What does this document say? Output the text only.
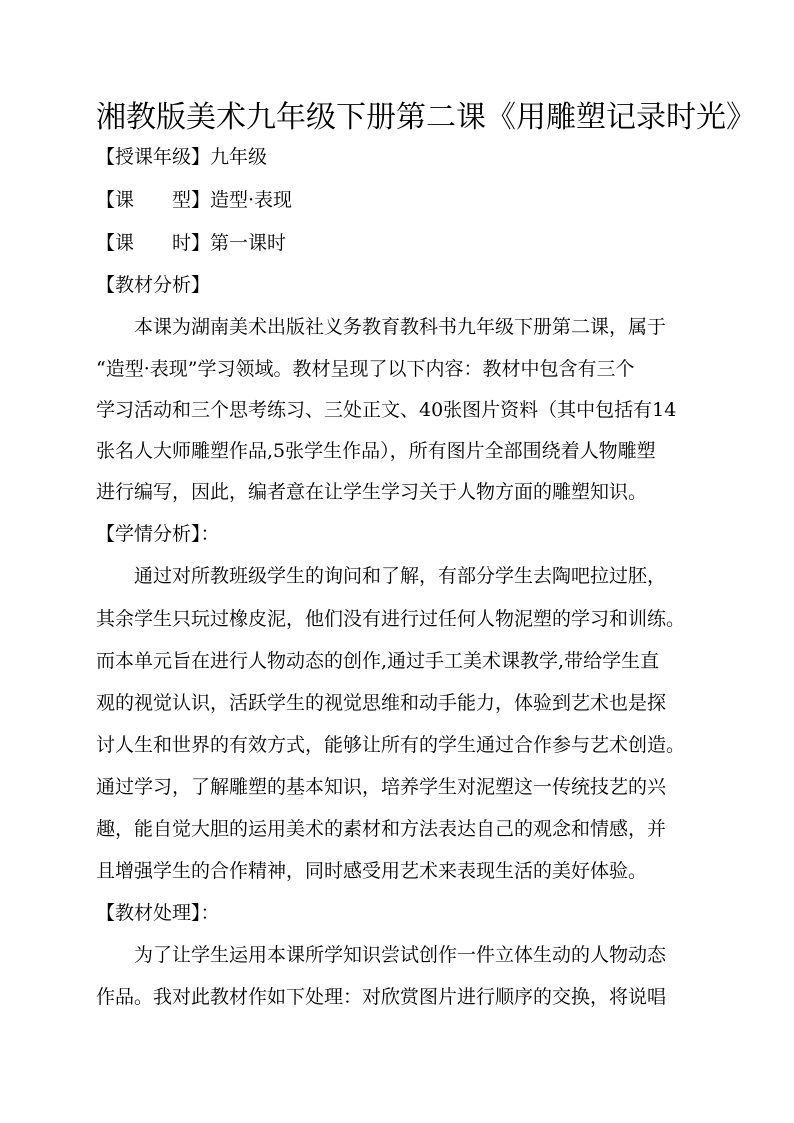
湘教版美术九年级下册第二课《用雕塑记录时光》
【授课年级】九年级
【课　　型】造型·表现
【课　　时】第一课时
【教材分析】
本课为湖南美术出版社义务教育教科书九年级下册第二课，属于
“造型·表现”学习领域。教材呈现了以下内容：教材中包含有三个
学习活动和三个思考练习、三处正文、40张图片资料（其中包括有14
张名人大师雕塑作品,5张学生作品），所有图片全部围绕着人物雕塑
进行编写，因此，编者意在让学生学习关于人物方面的雕塑知识。
【学情分析】：
通过对所教班级学生的询问和了解，有部分学生去陶吧拉过胚，
其余学生只玩过橡皮泥，他们没有进行过任何人物泥塑的学习和训练。
而本单元旨在进行人物动态的创作,通过手工美术课教学,带给学生直
观的视觉认识，活跃学生的视觉思维和动手能力，体验到艺术也是探
讨人生和世界的有效方式，能够让所有的学生通过合作参与艺术创造。
通过学习，了解雕塑的基本知识，培养学生对泥塑这一传统技艺的兴
趣，能自觉大胆的运用美术的素材和方法表达自己的观念和情感，并
且增强学生的合作精神，同时感受用艺术来表现生活的美好体验。
【教材处理】：
为了让学生运用本课所学知识尝试创作一件立体生动的人物动态
作品。我对此教材作如下处理：对欣赏图片进行顺序的交换，将说唱
